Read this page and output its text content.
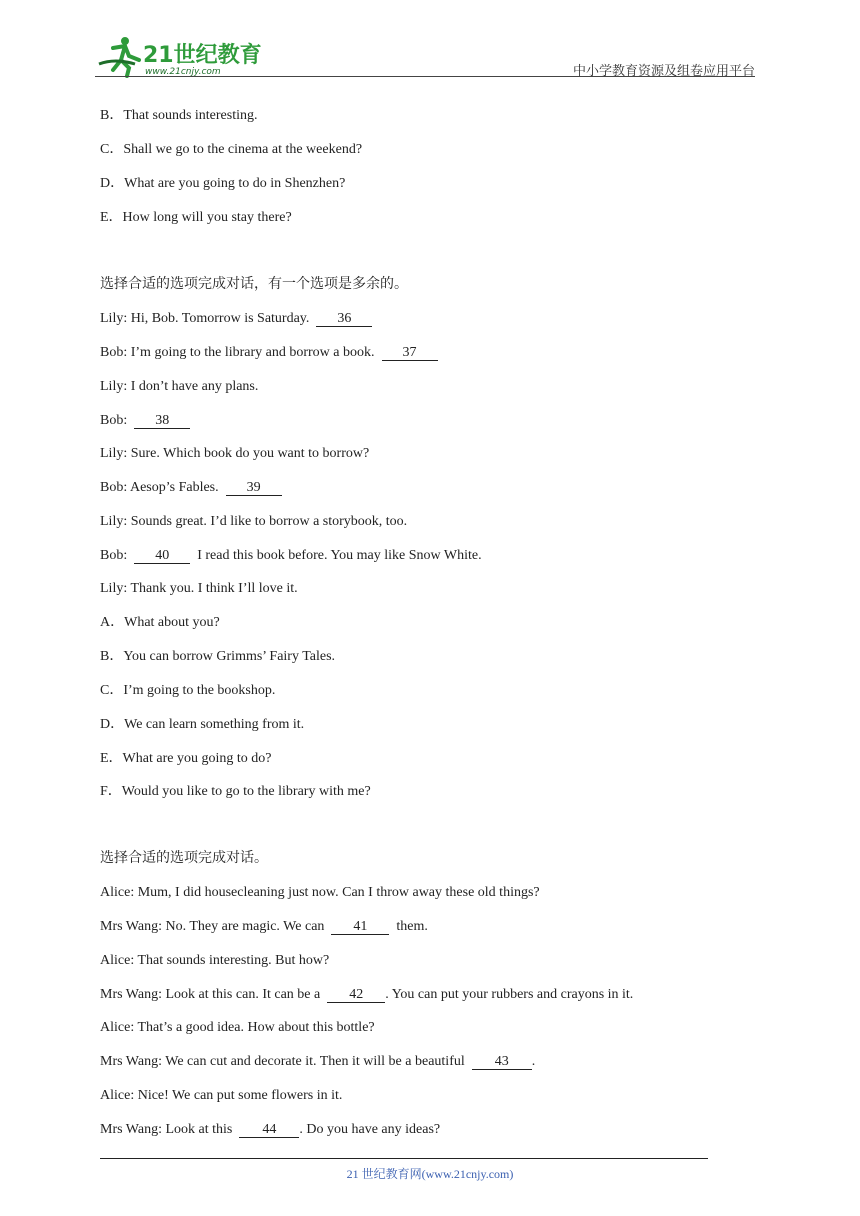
21世纪教育
www.21cnjy.com	中小学教育资源及组卷应用平台
B．That sounds interesting.
C．Shall we go to the cinema at the weekend?
D．What are you going to do in Shenzhen?
E．How long will you stay there?
选择合适的选项完成对话，有一个选项是多余的。
Lily: Hi, Bob. Tomorrow is Saturday.  36
Bob: I’m going to the library and borrow a book.  37
Lily: I don’t have any plans.
Bob:  38
Lily: Sure. Which book do you want to borrow?
Bob: Aesop’s Fables.  39
Lily: Sounds great. I’d like to borrow a storybook, too.
Bob:  40  I read this book before. You may like Snow White.
Lily: Thank you. I think I’ll love it.
A．What about you?
B．You can borrow Grimms’ Fairy Tales.
C．I’m going to the bookshop.
D．We can learn something from it.
E．What are you going to do?
F．Would you like to go to the library with me?
选择合适的选项完成对话。
Alice: Mum, I did housecleaning just now. Can I throw away these old things?
Mrs Wang: No. They are magic. We can  41  them.
Alice: That sounds interesting. But how?
Mrs Wang: Look at this can. It can be a  42 . You can put your rubbers and crayons in it.
Alice: That’s a good idea. How about this bottle?
Mrs Wang: We can cut and decorate it. Then it will be a beautiful  43 .
Alice: Nice! We can put some flowers in it.
Mrs Wang: Look at this  44 . Do you have any ideas?
21 世纪教育网(www.21cnjy.com)
